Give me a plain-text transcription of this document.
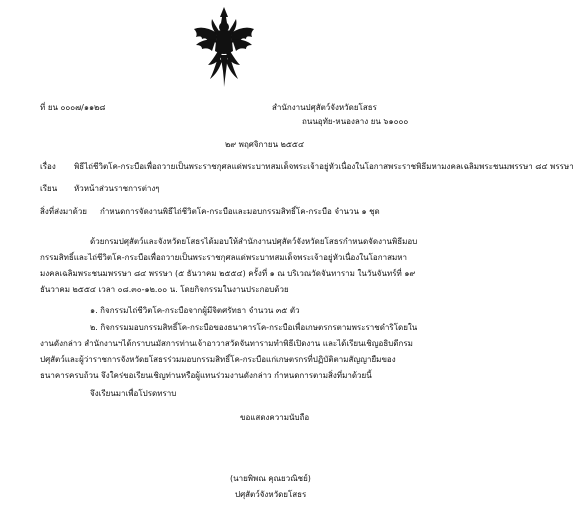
ที่ ยน ๐๐๐๗/๑๑๒๘	สำนักงานปศุสัตว์จังหวัดยโสธร
ถนนอุทัย-หนองลาง ยน ๖๑๐๐๐
๒๙ พฤศจิกายน ๒๕๕๔
เรื่อง พิธีไถ่ชีวิตโค-กระบือเพื่อถวายเป็นพระราชกุศลแด่พระบาทสมเด็จพระเจ้าอยู่หัวเนื่องในโอกาสพระราชพิธีมหามงคลเฉลิมพระชนมพรรษา ๘๔ พรรษา
เรียน หัวหน้าส่วนราชการต่างๆ
สิ่งที่ส่งมาด้วย กำหนดการจัดงานพิธีไถ่ชีวิตโค-กระบือและมอบกรรมสิทธิ์โค-กระบือ จำนวน ๑ ชุด
ด้วยกรมปศุสัตว์และจังหวัดยโสธรได้มอบให้สำนักงานปศุสัตว์จังหวัดยโสธรกำหนดจัดงานพิธีมอบกรรมสิทธิ์และไถ่ชีวิตโค-กระบือเพื่อถวายเป็นพระราชกุศลแด่พระบาทสมเด็จพระเจ้าอยู่หัวเนื่องในโอกาสมหามงคลเฉลิมพระชนมพรรษา ๘๔ พรรษา (๕ ธันวาคม ๒๕๕๔) ครั้งที่ ๑ ณ บริเวณวัดจันทาราม ในวันจันทร์ที่ ๑๙ ธันวาคม ๒๕๕๔ เวลา ๐๘.๓๐-๑๒.๐๐ น. โดยกิจกรรมในงานประกอบด้วย
๑. กิจกรรมไถ่ชีวิตโค-กระบือจากผู้มีจิตศรัทธา จำนวน ๓๕ ตัว
๒. กิจกรรมมอบกรรมสิทธิ์โค-กระบือของธนาคารโค-กระบือเพื่อเกษตรกรตามพระราชดำริโดยในงานดังกล่าว สำนักงานฯได้กราบนมัสการท่านเจ้าอาวาสวัดจันทารามทำพิธีเปิดงาน และได้เรียนเชิญอธิบดีกรมปศุสัตว์และผู้ว่าราชการจังหวัดยโสธรร่วมมอบกรรมสิทธิ์โค-กระบือแก่เกษตรกรที่ปฏิบัติตามสัญญายืมของธนาคารครบถ้วน จึงใคร่ขอเรียนเชิญท่านหรือผู้แทนร่วมงานดังกล่าว กำหนดการตามสิ่งที่มาด้วยนี้
จึงเรียนมาเพื่อโปรดทราบ
ขอแสดงความนับถือ
(นายพิพณ คุณยวณิชย์)
ปศุสัตว์จังหวัดยโสธร
